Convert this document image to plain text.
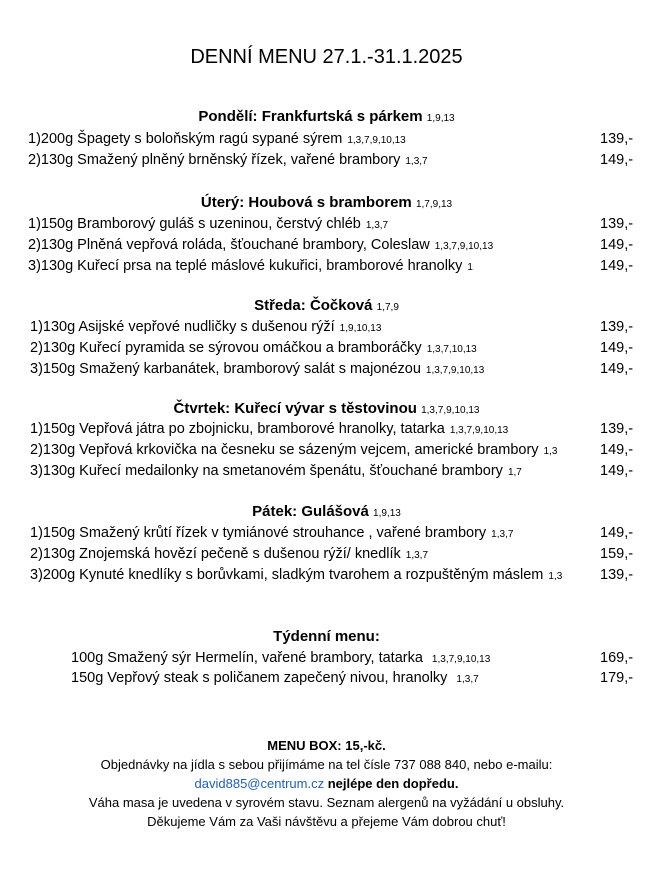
DENNÍ MENU 27.1.-31.1.2025
Pondělí: Frankfurtská s párkem 1,9,13
1)200g Špagety s boloňským ragú sypané sýrem 1,3,7,9,10,13	139,-
2)130g Smažený plněný brněnský řízek, vařené brambory 1,3,7	149,-
Úterý: Houbová s bramborem 1,7,9,13
1)150g Bramborový guláš s uzeninou, čerstvý chléb 1,3,7	139,-
2)130g Plněná vepřová roláda, šťouchané brambory, Coleslaw 1,3,7,9,10,13	149,-
3)130g Kuřecí prsa na teplé máslové kukuřici, bramborové hranolky 1	149,-
Středa: Čočková 1,7,9
1)130g Asijské vepřové nudličky s dušenou rýží 1,9,10,13	139,-
2)130g Kuřecí pyramida se sýrovou omáčkou a bramboráčky 1,3,7,10,13	149,-
3)150g Smažený karbanátek, bramborový salát s majonézou 1,3,7,9,10,13	149,-
Čtvrtek: Kuřecí vývar s těstovinou 1,3,7,9,10,13
1)150g Vepřová játra po zbojnicku, bramborové hranolky, tatarka 1,3,7,9,10,13	139,-
2)130g Vepřová krkovička na česneku se sázeným vejcem, americké brambory 1,3	149,-
3)130g Kuřecí medailonky na smetanovém špenátu, šťouchané brambory 1,7	149,-
Pátek: Gulášová 1,9,13
1)150g Smažený krůtí řízek v tymiánové strouhance , vařené brambory 1,3,7	149,-
2)130g Znojemská hovězí pečeně s dušenou rýží/ knedlík 1,3,7	159,-
3)200g Kynuté knedlíky s borůvkami, sladkým tvarohem a rozpuštěným máslem 1,3	139,-
Týdenní menu:
100g Smažený sýr Hermelín, vařené brambory, tatarka 1,3,7,9,10,13	169,-
150g Vepřový steak s poličanem zapečený nivou, hranolky 1,3,7	179,-
MENU BOX: 15,-kč.
Objednávky na jídla s sebou přijímáme na tel čísle 737 088 840, nebo e-mailu:
david885@centrum.cz nejlépe den dopředu.
Váha masa je uvedena v syrovém stavu. Seznam alergenů na vyžádání u obsluhy.
Děkujeme Vám za Vaši návštěvu a přejeme Vám dobrou chuť!
